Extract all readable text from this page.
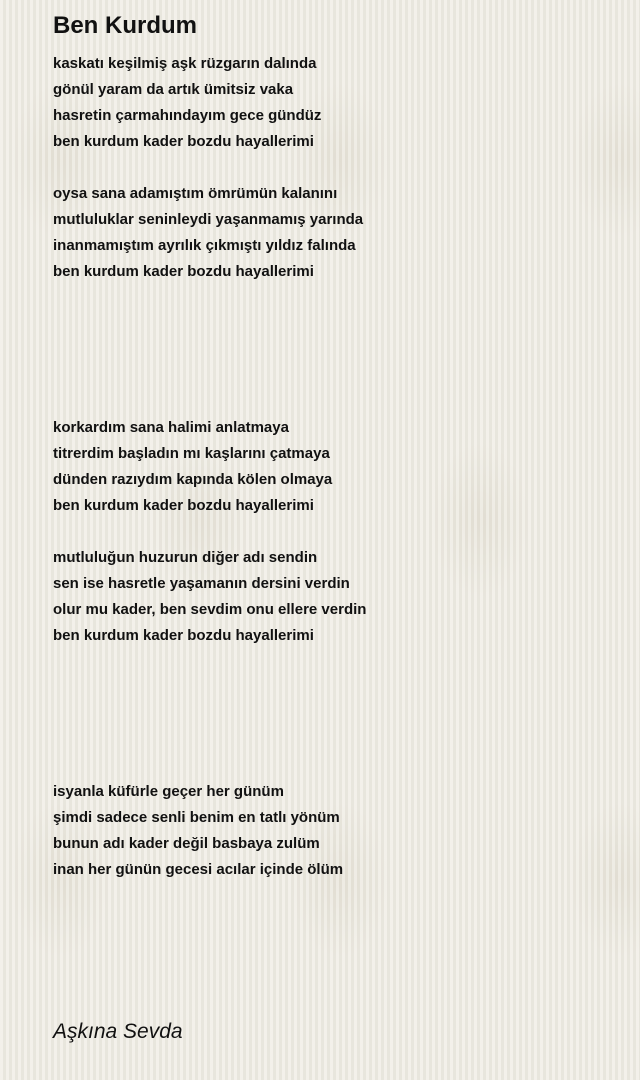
Ben Kurdum
kaskatı keşilmiş aşk rüzgarın dalında
gönül yaram da artık ümitsiz vaka
hasretin çarmahındayım gece gündüz
ben kurdum kader bozdu hayallerimi
oysa sana adamıştım ömrümün kalanını
mutluluklar seninleydi yaşanmamış yarında
inanmamıştım ayrılık çıkmıştı yıldız falında
ben kurdum kader bozdu hayallerimi
korkardım sana halimi anlatmaya
titrerdim başladın mı kaşlarını çatmaya
dünden razıydım kapında kölen olmaya
ben kurdum kader bozdu hayallerimi
mutluluğun huzurun diğer adı sendin
sen ise hasretle yaşamanın dersini verdin
olur mu kader, ben sevdim onu ellere verdin
ben kurdum kader bozdu hayallerimi
isyanla küfürle geçer her günüm
şimdi sadece senli benim en tatlı yönüm
bunun adı kader değil basbaya zulüm
inan her günün gecesi acılar içinde ölüm

Aşkına Sevda
